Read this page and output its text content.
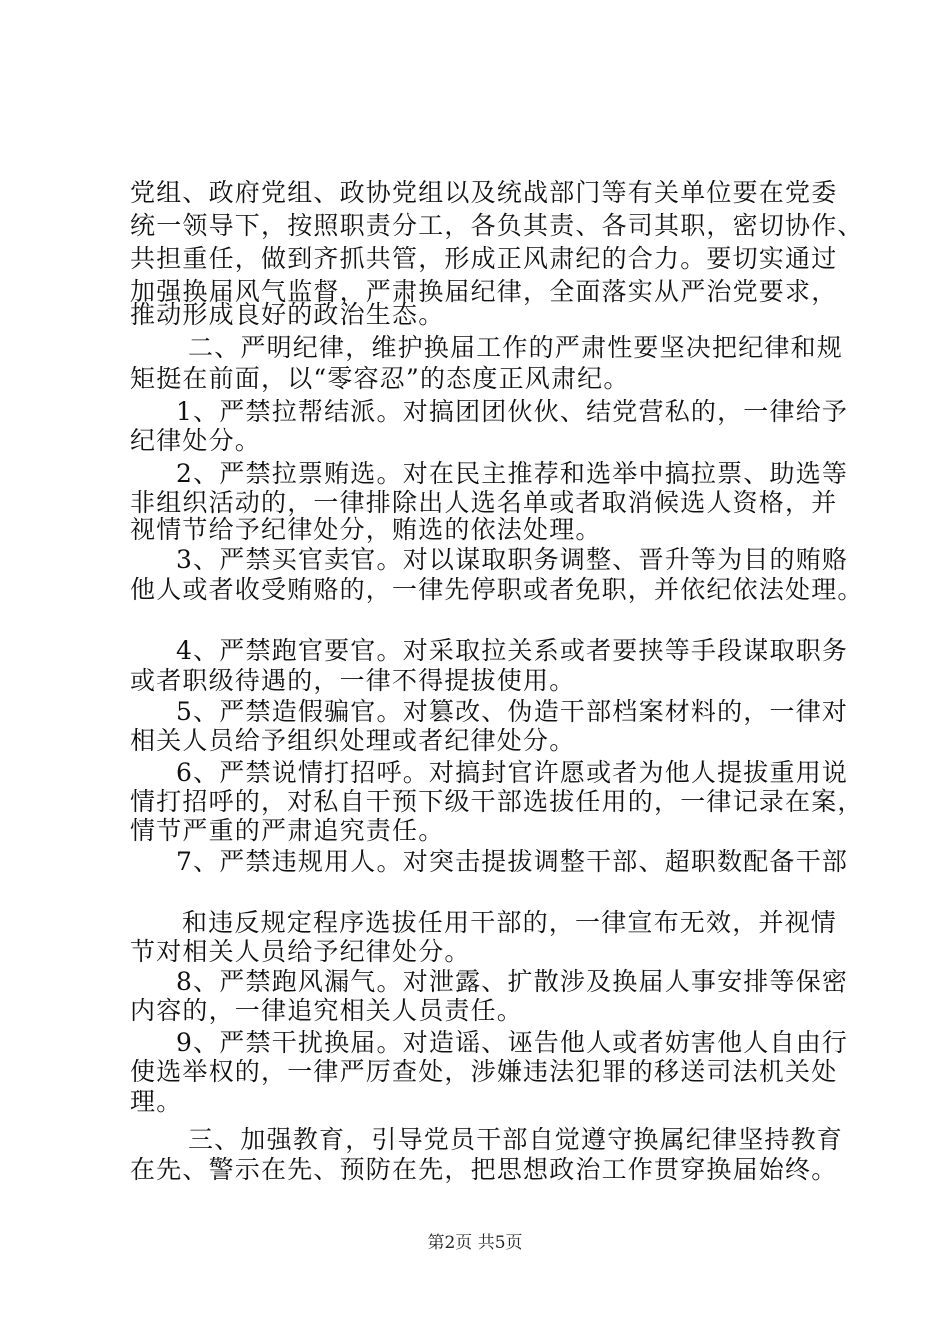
党组、政府党组、政协党组以及统战部门等有关单位要在党委
统一领导下，按照职责分工，各负其责、各司其职，密切协作、
共担重任，做到齐抓共管，形成正风肃纪的合力。要切实通过
加强换届风气监督，严肃换届纪律，全面落实从严治党要求，
推动形成良好的政治生态。
二、严明纪律，维护换届工作的严肃性要坚决把纪律和规
矩挺在前面，以“零容忍”的态度正风肃纪。
1、严禁拉帮结派。对搞团团伙伙、结党营私的，一律给予
纪律处分。
2、严禁拉票贿选。对在民主推荐和选举中搞拉票、助选等
非组织活动的，一律排除出人选名单或者取消候选人资格，并
视情节给予纪律处分，贿选的依法处理。
3、严禁买官卖官。对以谋取职务调整、晋升等为目的贿赂
他人或者收受贿赂的，一律先停职或者免职，并依纪依法处理。
4、严禁跑官要官。对采取拉关系或者要挟等手段谋取职务
或者职级待遇的，一律不得提拔使用。
5、严禁造假骗官。对篡改、伪造干部档案材料的，一律对
相关人员给予组织处理或者纪律处分。
6、严禁说情打招呼。对搞封官许愿或者为他人提拔重用说
情打招呼的，对私自干预下级干部选拔任用的，一律记录在案，
情节严重的严肃追究责任。
7、严禁违规用人。对突击提拔调整干部、超职数配备干部
和违反规定程序选拔任用干部的，一律宣布无效，并视情
节对相关人员给予纪律处分。
8、严禁跑风漏气。对泄露、扩散涉及换届人事安排等保密
内容的，一律追究相关人员责任。
9、严禁干扰换届。对造谣、诬告他人或者妨害他人自由行
使选举权的，一律严厉查处，涉嫌违法犯罪的移送司法机关处
理。
三、加强教育，引导党员干部自觉遵守换属纪律坚持教育
在先、警示在先、预防在先，把思想政治工作贯穿换届始终。
第2页 共5页
